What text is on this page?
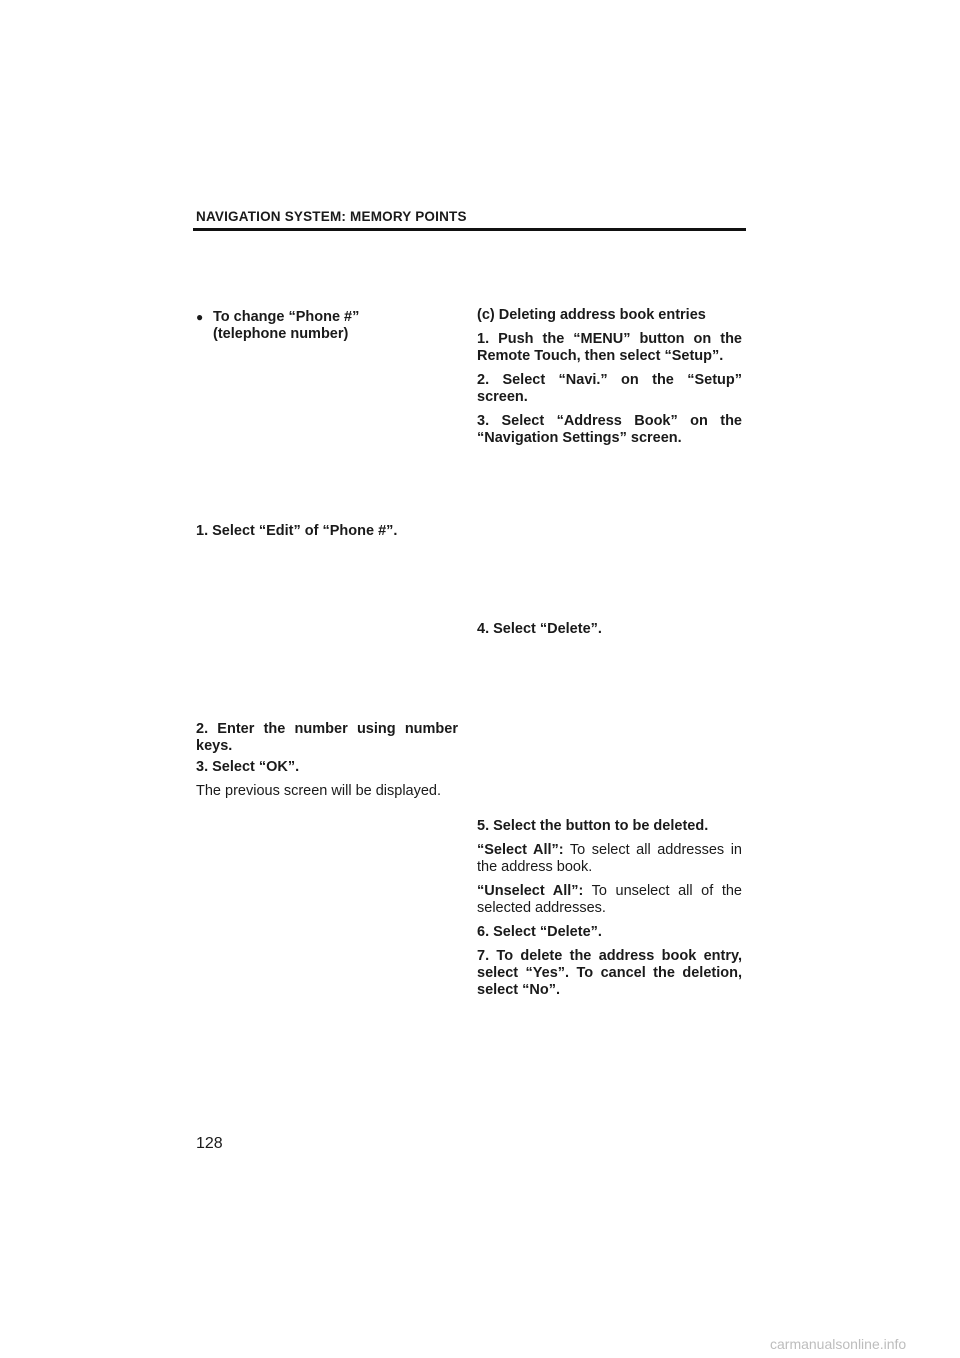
NAVIGATION SYSTEM: MEMORY POINTS
● To change “Phone #”
(telephone number)
1. Select “Edit” of “Phone #”.

2. Enter the number using number keys.

3. Select “OK”.

The previous screen will be displayed.

(c) Deleting address book entries

1. Push the “MENU” button on the Remote Touch, then select “Setup”.

2. Select “Navi.” on the “Setup” screen.

3. Select “Address Book” on the “Navigation Settings” screen.

4. Select “Delete”.

5. Select the button to be deleted.

“Select All”: To select all addresses in the address book.

“Unselect All”: To unselect all of the selected addresses.

6. Select “Delete”.

7. To delete the address book entry, select “Yes”. To cancel the deletion, select “No”.

128
carmanualsonline.info
